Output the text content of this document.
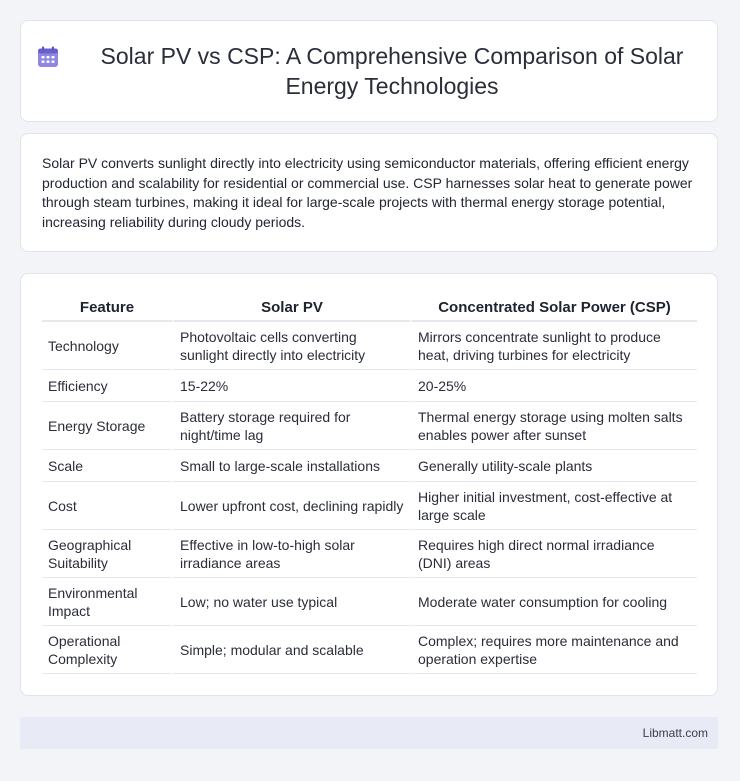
Solar PV vs CSP: A Comprehensive Comparison of Solar Energy Technologies

Solar PV converts sunlight directly into electricity using semiconductor materials, offering efficient energy production and scalability for residential or commercial use. CSP harnesses solar heat to generate power through steam turbines, making it ideal for large-scale projects with thermal energy storage potential, increasing reliability during cloudy periods.

Feature	Solar PV	Concentrated Solar Power (CSP)
Technology	Photovoltaic cells converting sunlight directly into electricity	Mirrors concentrate sunlight to produce heat, driving turbines for electricity
Efficiency	15-22%	20-25%
Energy Storage	Battery storage required for night/time lag	Thermal energy storage using molten salts enables power after sunset
Scale	Small to large-scale installations	Generally utility-scale plants
Cost	Lower upfront cost, declining rapidly	Higher initial investment, cost-effective at large scale
Geographical Suitability	Effective in low-to-high solar irradiance areas	Requires high direct normal irradiance (DNI) areas
Environmental Impact	Low; no water use typical	Moderate water consumption for cooling
Operational Complexity	Simple; modular and scalable	Complex; requires more maintenance and operation expertise
Libmatt.com
